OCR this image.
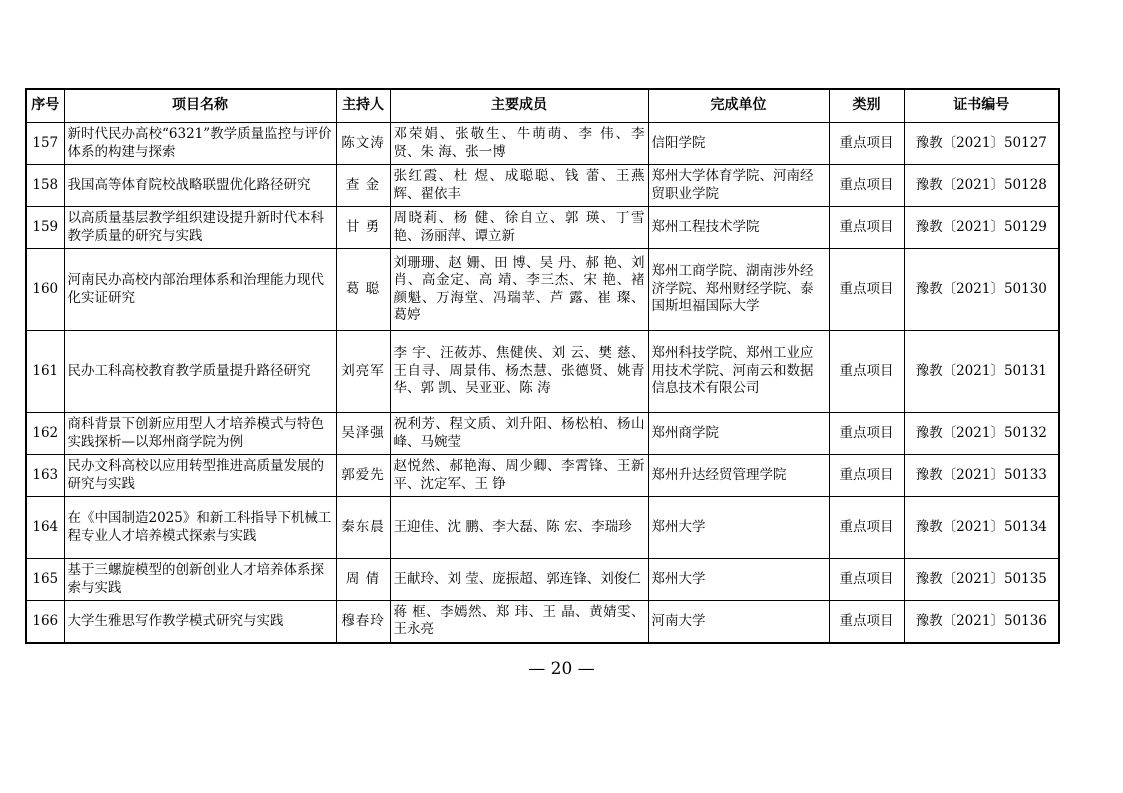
序号	项目名称	主持人	主要成员	完成单位	类别	证书编号
157	新时代民办高校“6321”教学质量监控与评价体系的构建与探索	陈文涛	邓荣娟、张敬生、牛萌萌、李 伟、李 贤、朱 海、张一博	信阳学院	重点项目	豫教〔2021〕50127
158	我国高等体育院校战略联盟优化路径研究	查 金	张红霞、杜 煜、成聪聪、钱 蕾、王燕辉、翟依丰	郑州大学体育学院、河南经贸职业学院	重点项目	豫教〔2021〕50128
159	以高质量基层教学组织建设提升新时代本科教学质量的研究与实践	甘 勇	周晓莉、杨 健、徐自立、郭 瑛、丁雪艳、汤丽萍、谭立新	郑州工程技术学院	重点项目	豫教〔2021〕50129
160	河南民办高校内部治理体系和治理能力现代化实证研究	葛 聪	刘珊珊、赵 姗、田 博、吴 丹、郝 艳、刘 肖、高金定、高 靖、李三杰、宋 艳、褚颜魁、万海堂、冯瑞苹、芦 露、崔 璨、葛婷	郑州工商学院、湖南涉外经济学院、郑州财经学院、泰国斯坦福国际大学	重点项目	豫教〔2021〕50130
161	民办工科高校教育教学质量提升路径研究	刘亮军	李 宇、汪莜苏、焦健侠、刘 云、樊 慈、王自寻、周景伟、杨杰慧、张德贤、姚青华、郭 凯、吴亚亚、陈 涛	郑州科技学院、郑州工业应用技术学院、河南云和数据信息技术有限公司	重点项目	豫教〔2021〕50131
162	商科背景下创新应用型人才培养模式与特色实践探析—以郑州商学院为例	吴泽强	祝利芳、程文质、刘升阳、杨松柏、杨山峰、马婉莹	郑州商学院	重点项目	豫教〔2021〕50132
163	民办文科高校以应用转型推进高质量发展的研究与实践	郭爱先	赵悦然、郝艳海、周少卿、李霄锋、王新平、沈定军、王 铮	郑州升达经贸管理学院	重点项目	豫教〔2021〕50133
164	在《中国制造2025》和新工科指导下机械工程专业人才培养模式探索与实践	秦东晨	王迎佳、沈 鹏、李大磊、陈 宏、李瑞珍	郑州大学	重点项目	豫教〔2021〕50134
165	基于三螺旋模型的创新创业人才培养体系探索与实践	周 倩	王献玲、刘 莹、庞振超、郭连锋、刘俊仁	郑州大学	重点项目	豫教〔2021〕50135
166	大学生雅思写作教学模式研究与实践	穆春玲	蒋 框、李嫣然、郑 玮、王 晶、黄婧雯、王永亮	河南大学	重点项目	豫教〔2021〕50136
— 20 —
